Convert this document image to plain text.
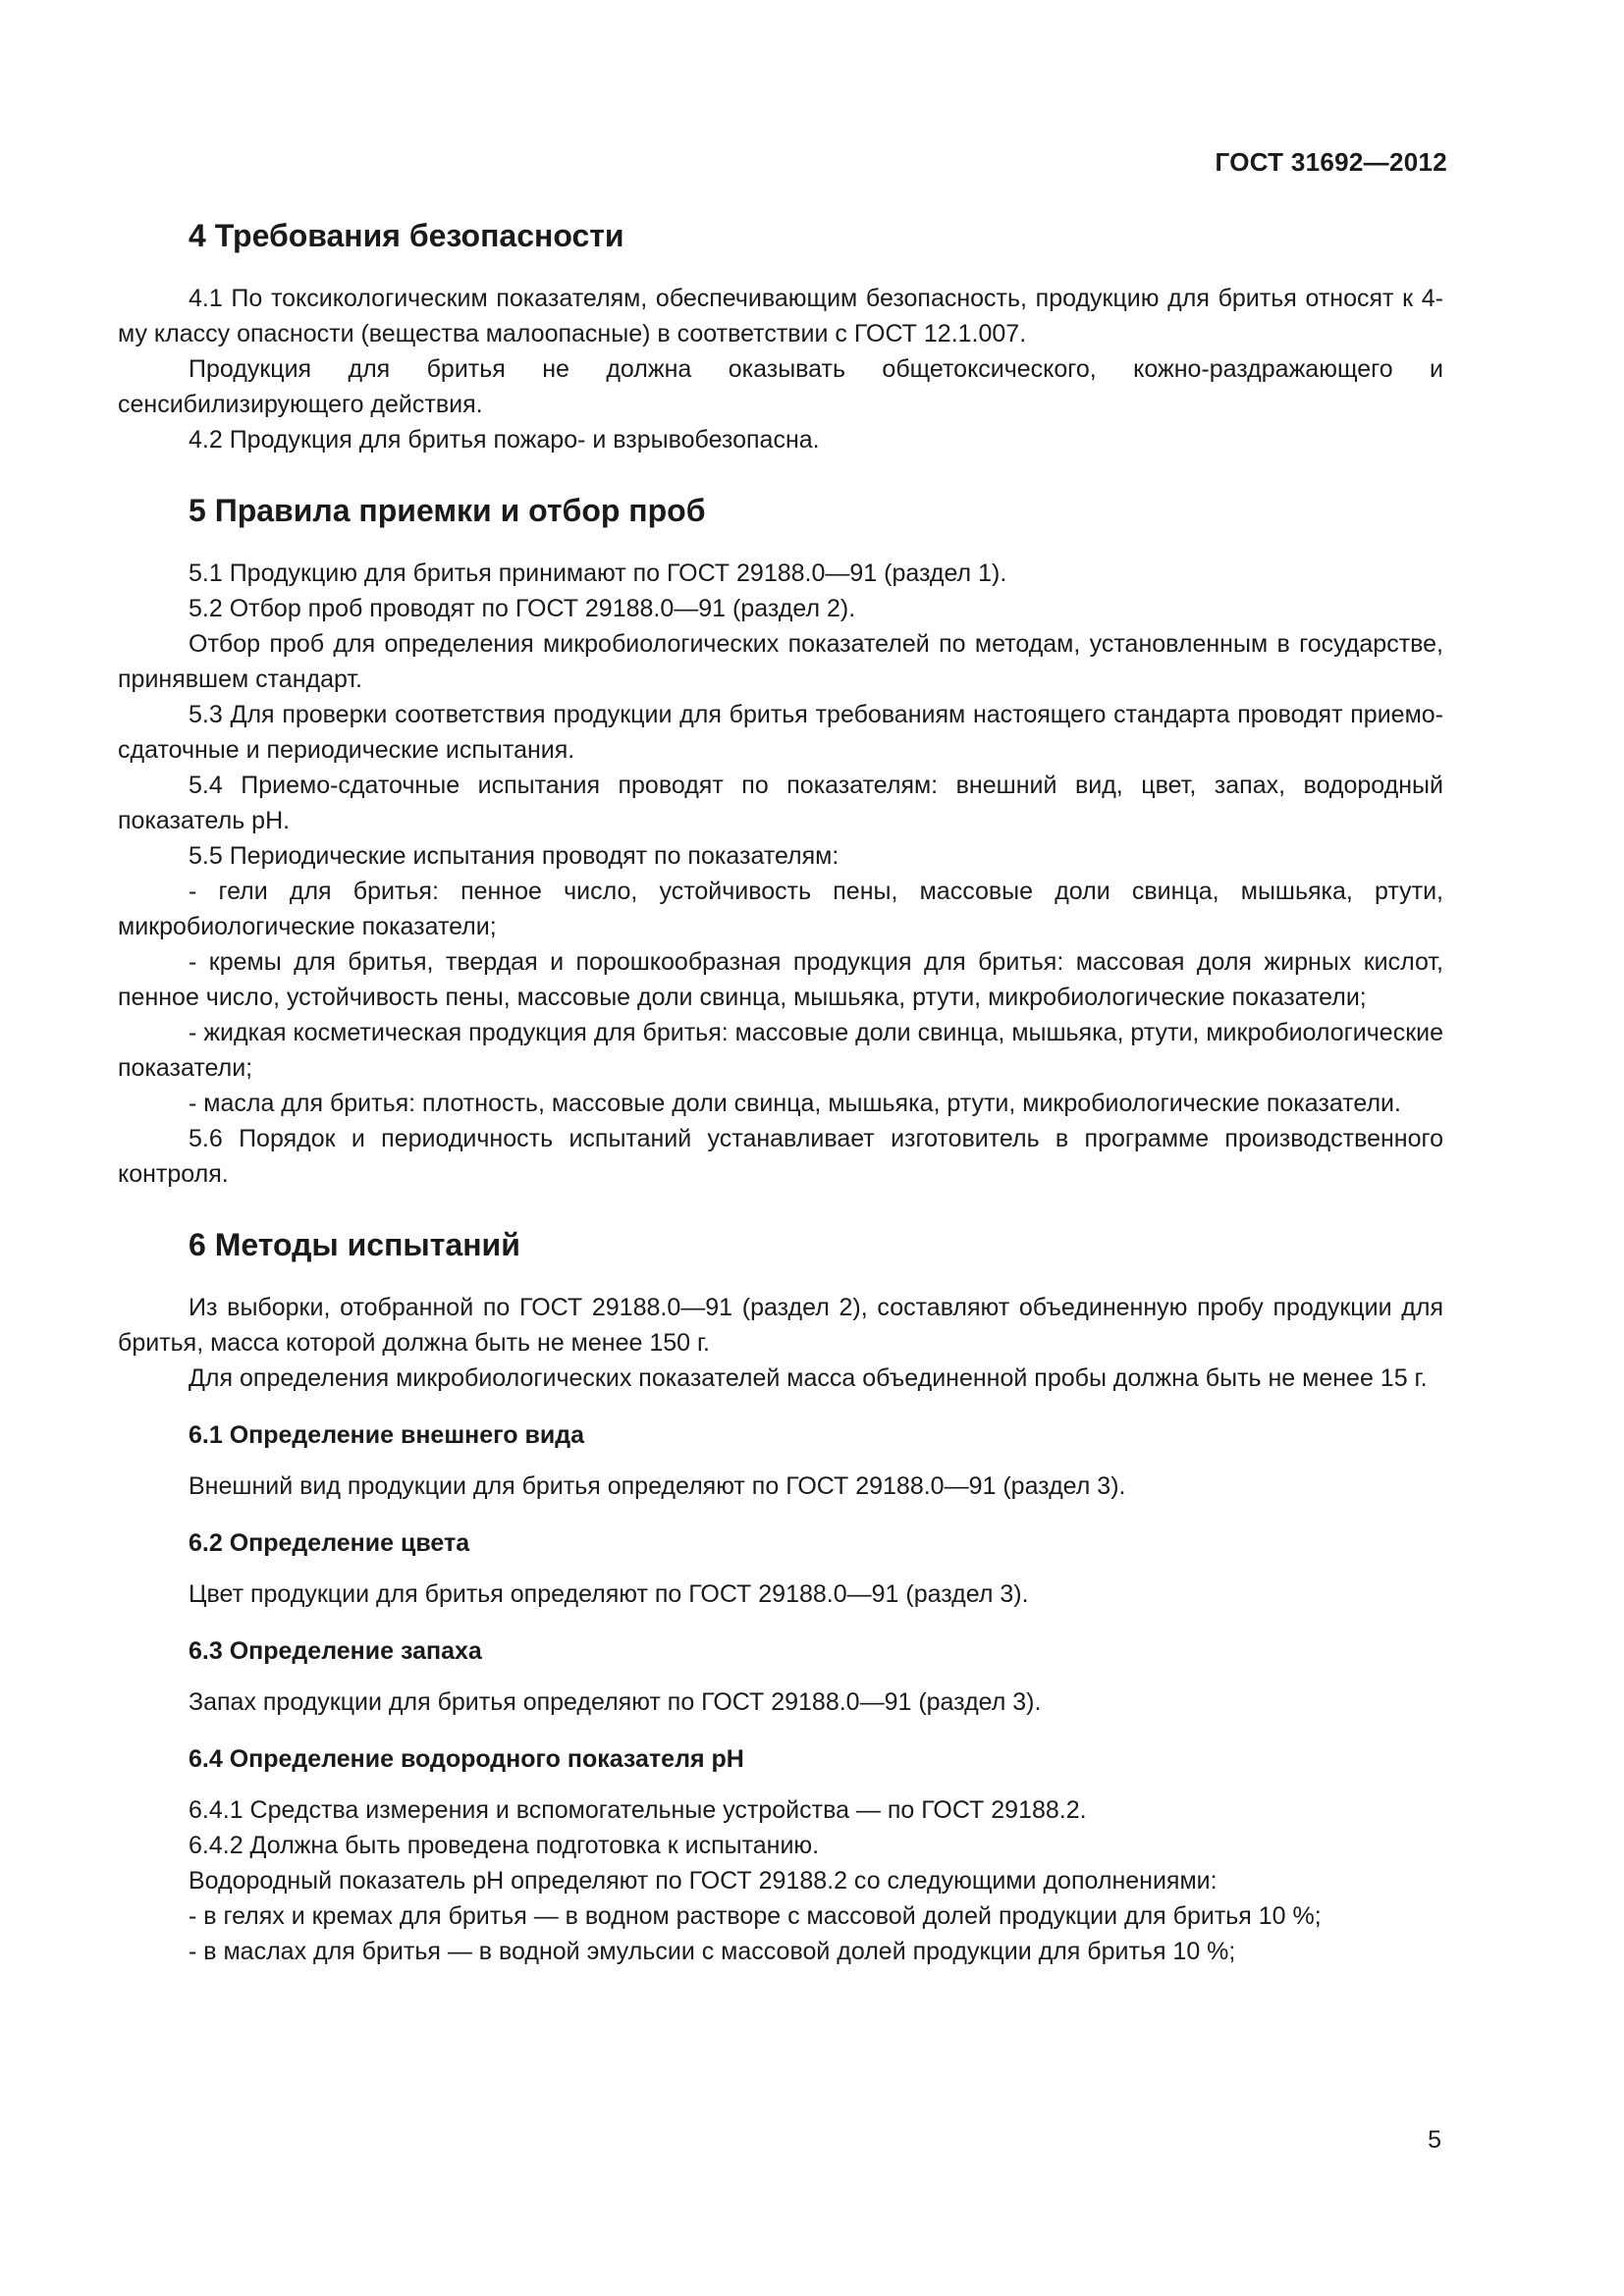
ГОСТ 31692—2012
4 Требования безопасности

4.1 По токсикологическим показателям, обеспечивающим безопасность, продукцию для бритья относят к 4-му классу опасности (вещества малоопасные) в соответствии с ГОСТ 12.1.007.

Продукция для бритья не должна оказывать общетоксического, кожно-раздражающего и сенсибилизирующего действия.

4.2 Продукция для бритья пожаро- и взрывобезопасна.

5 Правила приемки и отбор проб

5.1 Продукцию для бритья принимают по ГОСТ 29188.0—91 (раздел 1).

5.2 Отбор проб проводят по ГОСТ 29188.0—91 (раздел 2).

Отбор проб для определения микробиологических показателей по методам, установленным в государстве, принявшем стандарт.

5.3 Для проверки соответствия продукции для бритья требованиям настоящего стандарта проводят приемо-сдаточные и периодические испытания.

5.4 Приемо-сдаточные испытания проводят по показателям: внешний вид, цвет, запах, водородный показатель pH.

5.5 Периодические испытания проводят по показателям:

- гели для бритья: пенное число, устойчивость пены, массовые доли свинца, мышьяка, ртути, микробиологические показатели;

- кремы для бритья, твердая и порошкообразная продукция для бритья: массовая доля жирных кислот, пенное число, устойчивость пены, массовые доли свинца, мышьяка, ртути, микробиологические показатели;

- жидкая косметическая продукция для бритья: массовые доли свинца, мышьяка, ртути, микробиологические показатели;

- масла для бритья: плотность, массовые доли свинца, мышьяка, ртути, микробиологические показатели.

5.6 Порядок и периодичность испытаний устанавливает изготовитель в программе производственного контроля.

6 Методы испытаний

Из выборки, отобранной по ГОСТ 29188.0—91 (раздел 2), составляют объединенную пробу продукции для бритья, масса которой должна быть не менее 150 г.

Для определения микробиологических показателей масса объединенной пробы должна быть не менее 15 г.

6.1 Определение внешнего вида

Внешний вид продукции для бритья определяют по ГОСТ 29188.0—91 (раздел 3).

6.2 Определение цвета

Цвет продукции для бритья определяют по ГОСТ 29188.0—91 (раздел 3).

6.3 Определение запаха

Запах продукции для бритья определяют по ГОСТ 29188.0—91 (раздел 3).

6.4 Определение водородного показателя pH

6.4.1 Средства измерения и вспомогательные устройства — по ГОСТ 29188.2.

6.4.2 Должна быть проведена подготовка к испытанию.

Водородный показатель pH определяют по ГОСТ 29188.2 со следующими дополнениями:

- в гелях и кремах для бритья — в водном растворе с массовой долей продукции для бритья 10 %;

- в маслах для бритья — в водной эмульсии с массовой долей продукции для бритья 10 %;

5
